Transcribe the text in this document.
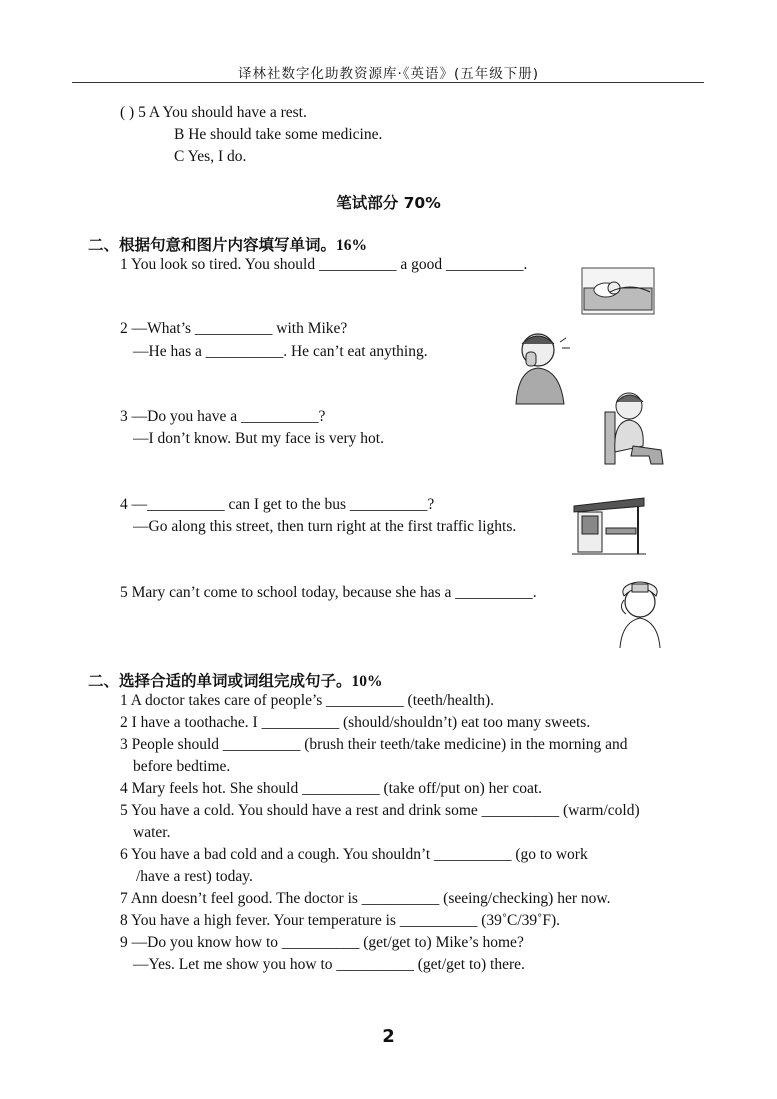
译林社数字化助教资源库·《英语》(五年级下册)
( ) 5 A You should have a rest.
B He should take some medicine.
C Yes, I do.
笔试部分 70%
二、根据句意和图片内容填写单词。16%
1 You look so tired. You should __________ a good __________.
2 —What’s __________ with Mike?
—He has a __________. He can’t eat anything.
3 —Do you have a __________?
—I don’t know. But my face is very hot.
4 —__________ can I get to the bus __________?
—Go along this street, then turn right at the first traffic lights.
5 Mary can’t come to school today, because she has a __________.
二、选择合适的单词或词组完成句子。10%
1 A doctor takes care of people’s __________ (teeth/health).
2 I have a toothache. I __________ (should/shouldn’t) eat too many sweets.
3 People should __________ (brush their teeth/take medicine) in the morning and
before bedtime.
4 Mary feels hot. She should __________ (take off/put on) her coat.
5 You have a cold. You should have a rest and drink some __________ (warm/cold)
water.
6 You have a bad cold and a cough. You shouldn’t __________ (go to work
/have a rest) today.
7 Ann doesn’t feel good. The doctor is __________ (seeing/checking) her now.
8 You have a high fever. Your temperature is __________ (39˚C/39˚F).
9 —Do you know how to __________ (get/get to) Mike’s home?
—Yes. Let me show you how to __________ (get/get to) there.
2
